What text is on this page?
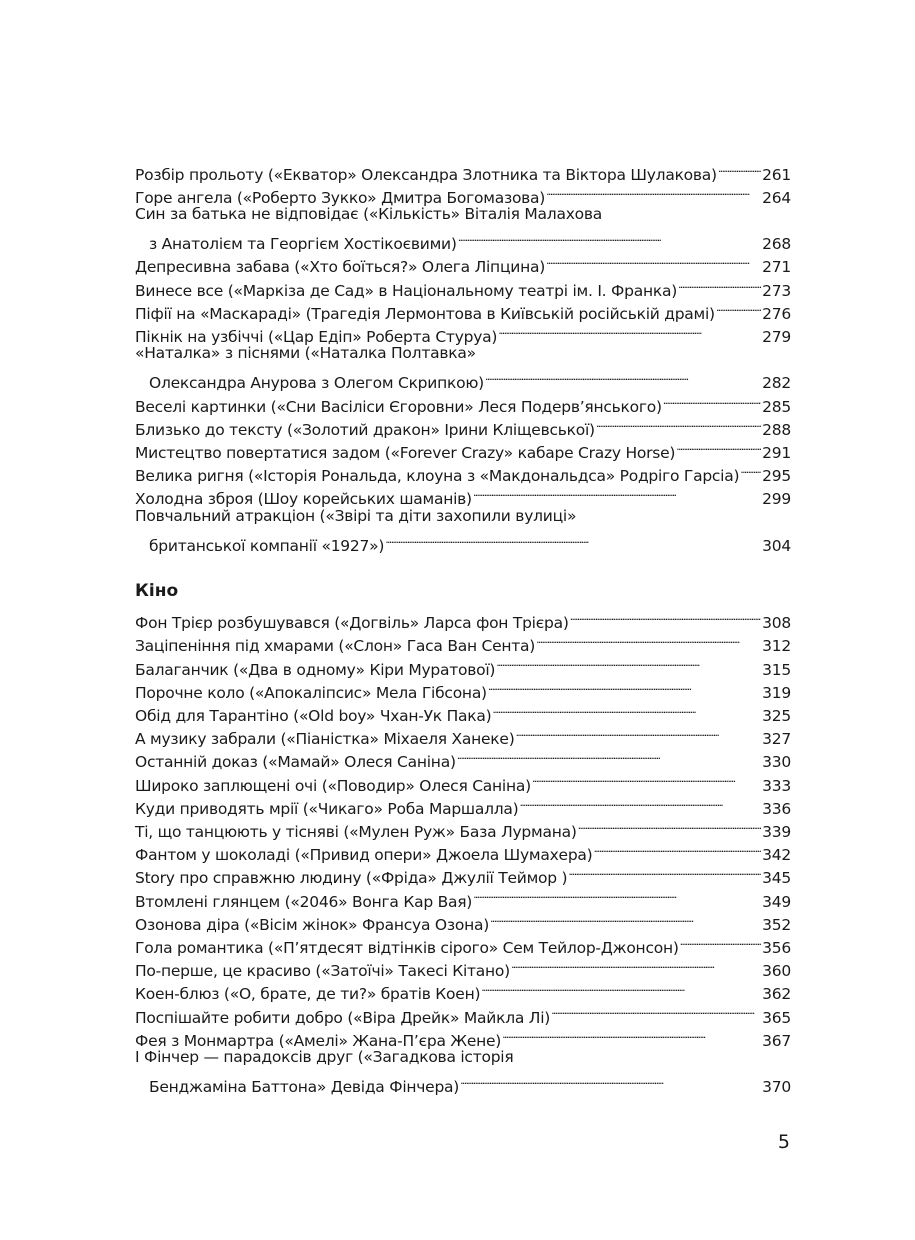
Розбір прольоту («Екватор» Олександра Злотника та Віктора Шулакова) . . .	261
Горе ангела («Роберто Зукко» Дмитра Богомазова) . . .	264
Син за батька не відповідає («Кількість» Віталія Малахова
з Анатолієм та Георгієм Хостікоєвими) . . .	268
Депресивна забава («Хто боїться?» Олега Ліпцина) . . .	271
Винесе все («Маркіза де Сад» в Національному театрі ім. І. Франка) . . .	273
Піфії на «Маскараді» (Трагедія Лермонтова в Київській російській драмі) . . .	276
Пікнік на узбіччі («Цар Едіп» Роберта Стуруа) . . .	279
«Наталка» з піснями («Наталка Полтавка»
Олександра Анурова з Олегом Скрипкою) . . .	282
Веселі картинки («Сни Васіліси Єгоровни» Леся Подерв’янського) . . .	285
Близько до тексту («Золотий дракон» Ірини Кліщевської) . . .	288
Мистецтво повертатися задом («Forever Crazy» кабаре Crazy Horse) . . .	291
Велика ригня («Історія Рональда, клоуна з «Макдональдса» Родріго Гарсіа) . . . 295
Холодна зброя (Шоу корейських шаманів) . . .	299
Повчальний атракціон («Звірі та діти захопили вулиці»
британської компанії «1927») . . .	304
Фон Трієр розбушувався («Догвіль» Ларса фон Трієра) . . .	308
Заціпеніння під хмарами («Слон» Гаса Ван Сента) . . .	312
Балаганчик («Два в одному» Кіри Муратової) . . .	315
Порочне коло («Апокаліпсис» Мела Гібсона) . . .	319
Обід для Тарантіно («Old boy» Чхан-Ук Пака) . . .	325
А музику забрали («Піаністка» Міхаеля Ханеке) . . .	327
Останній доказ («Мамай» Олеся Саніна) . . .	330
Широко заплющені очі («Поводир» Олеся Саніна) . . .	333
Куди приводять мрії («Чикаго» Роба Маршалла) . . .	336
Ті, що танцюють у тісняві («Мулен Руж» База Лурмана) . . .	339
Фантом у шоколаді («Привид опери» Джоела Шумахера) . . .	342
Story про справжню людину («Фріда» Джулії Теймор ) . . .	345
Втомлені глянцем («2046» Вонга Кар Вая) . . .	349
Озонова діра («Вісім жінок» Франсуа Озона) . . .	352
Гола романтика («П’ятдесят відтінків сірого» Сем Тейлор-Джонсон) . . .	356
По-перше, це красиво («Затоїчі» Такесі Кітано) . . .	360
Коен-блюз («О, брате, де ти?» братів Коен) . . .	362
Поспішайте робити добро («Віра Дрейк» Майкла Лі) . . .	365
Фея з Монмартра («Амелі» Жана-П’єра Жене) . . .	367
І Фінчер — парадоксів друг («Загадкова історія
Бенджаміна Баттона» Девіда Фінчера) . . .	370
Кіно
5
